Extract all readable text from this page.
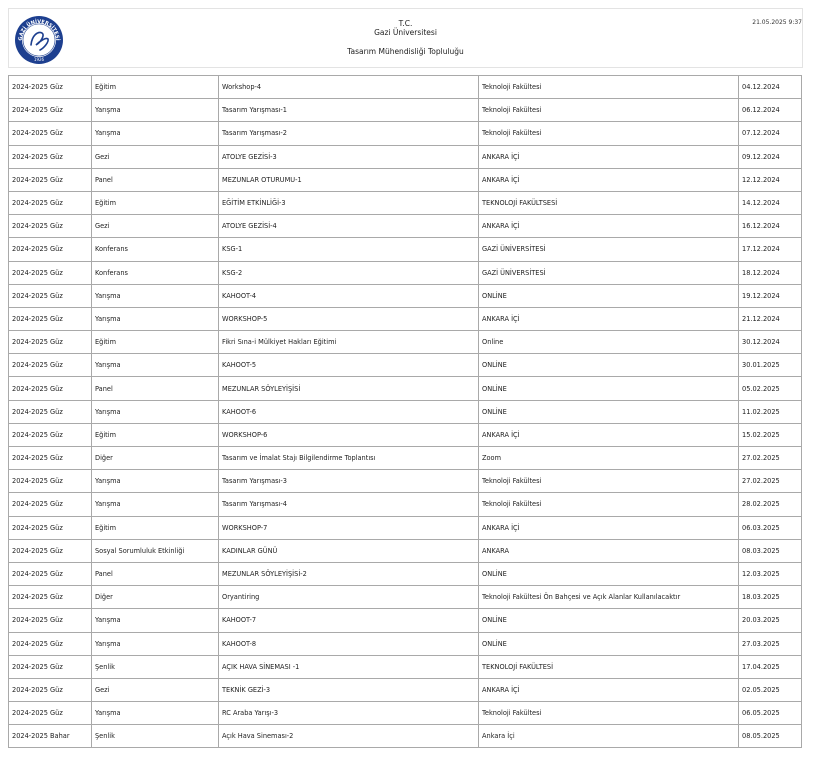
GAZİ ÜNİVERSİTESİ
1926
T.C.
Gazi Üniversitesi
Tasarım Mühendisliği Topluluğu
21.05.2025 9:37
2024-2025 Güz	Eğitim	Workshop-4	Teknoloji Fakültesi	04.12.2024
2024-2025 Güz	Yarışma	Tasarım Yarışması-1	Teknoloji Fakültesi	06.12.2024
2024-2025 Güz	Yarışma	Tasarım Yarışması-2	Teknoloji Fakültesi	07.12.2024
2024-2025 Güz	Gezi	ATOLYE GEZİSİ-3	ANKARA İÇİ	09.12.2024
2024-2025 Güz	Panel	MEZUNLAR OTURUMU-1	ANKARA İÇİ	12.12.2024
2024-2025 Güz	Eğitim	EĞİTİM ETKİNLİĞİ-3	TEKNOLOJİ FAKÜLTSESİ	14.12.2024
2024-2025 Güz	Gezi	ATOLYE GEZİSİ-4	ANKARA İÇİ	16.12.2024
2024-2025 Güz	Konferans	KSG-1	GAZİ ÜNİVERSİTESİ	17.12.2024
2024-2025 Güz	Konferans	KSG-2	GAZİ ÜNİVERSİTESİ	18.12.2024
2024-2025 Güz	Yarışma	KAHOOT-4	ONLİNE	19.12.2024
2024-2025 Güz	Yarışma	WORKSHOP-5	ANKARA İÇİ	21.12.2024
2024-2025 Güz	Eğitim	Fikri Sına-i Mülkiyet Hakları Eğitimi	Online	30.12.2024
2024-2025 Güz	Yarışma	KAHOOT-5	ONLİNE	30.01.2025
2024-2025 Güz	Panel	MEZUNLAR SÖYLEYİŞİSİ	ONLİNE	05.02.2025
2024-2025 Güz	Yarışma	KAHOOT-6	ONLİNE	11.02.2025
2024-2025 Güz	Eğitim	WORKSHOP-6	ANKARA İÇİ	15.02.2025
2024-2025 Güz	Diğer	Tasarım ve İmalat Stajı Bilgilendirme Toplantısı	Zoom	27.02.2025
2024-2025 Güz	Yarışma	Tasarım Yarışması-3	Teknoloji Fakültesi	27.02.2025
2024-2025 Güz	Yarışma	Tasarım Yarışması-4	Teknoloji Fakültesi	28.02.2025
2024-2025 Güz	Eğitim	WORKSHOP-7	ANKARA İÇİ	06.03.2025
2024-2025 Güz	Sosyal Sorumluluk Etkinliği	KADINLAR GÜNÜ	ANKARA	08.03.2025
2024-2025 Güz	Panel	MEZUNLAR SÖYLEYİŞİSİ-2	ONLİNE	12.03.2025
2024-2025 Güz	Diğer	Oryantiring	Teknoloji Fakültesi Ön Bahçesi ve Açık Alanlar Kullanılacaktır	18.03.2025
2024-2025 Güz	Yarışma	KAHOOT-7	ONLİNE	20.03.2025
2024-2025 Güz	Yarışma	KAHOOT-8	ONLİNE	27.03.2025
2024-2025 Güz	Şenlik	AÇIK HAVA SİNEMASI -1	TEKNOLOJİ FAKÜLTESİ	17.04.2025
2024-2025 Güz	Gezi	TEKNİK GEZİ-3	ANKARA İÇİ	02.05.2025
2024-2025 Güz	Yarışma	RC Araba Yarışı-3	Teknoloji Fakültesi	06.05.2025
2024-2025 Bahar	Şenlik	Açık Hava Sineması-2	Ankara İçi	08.05.2025
